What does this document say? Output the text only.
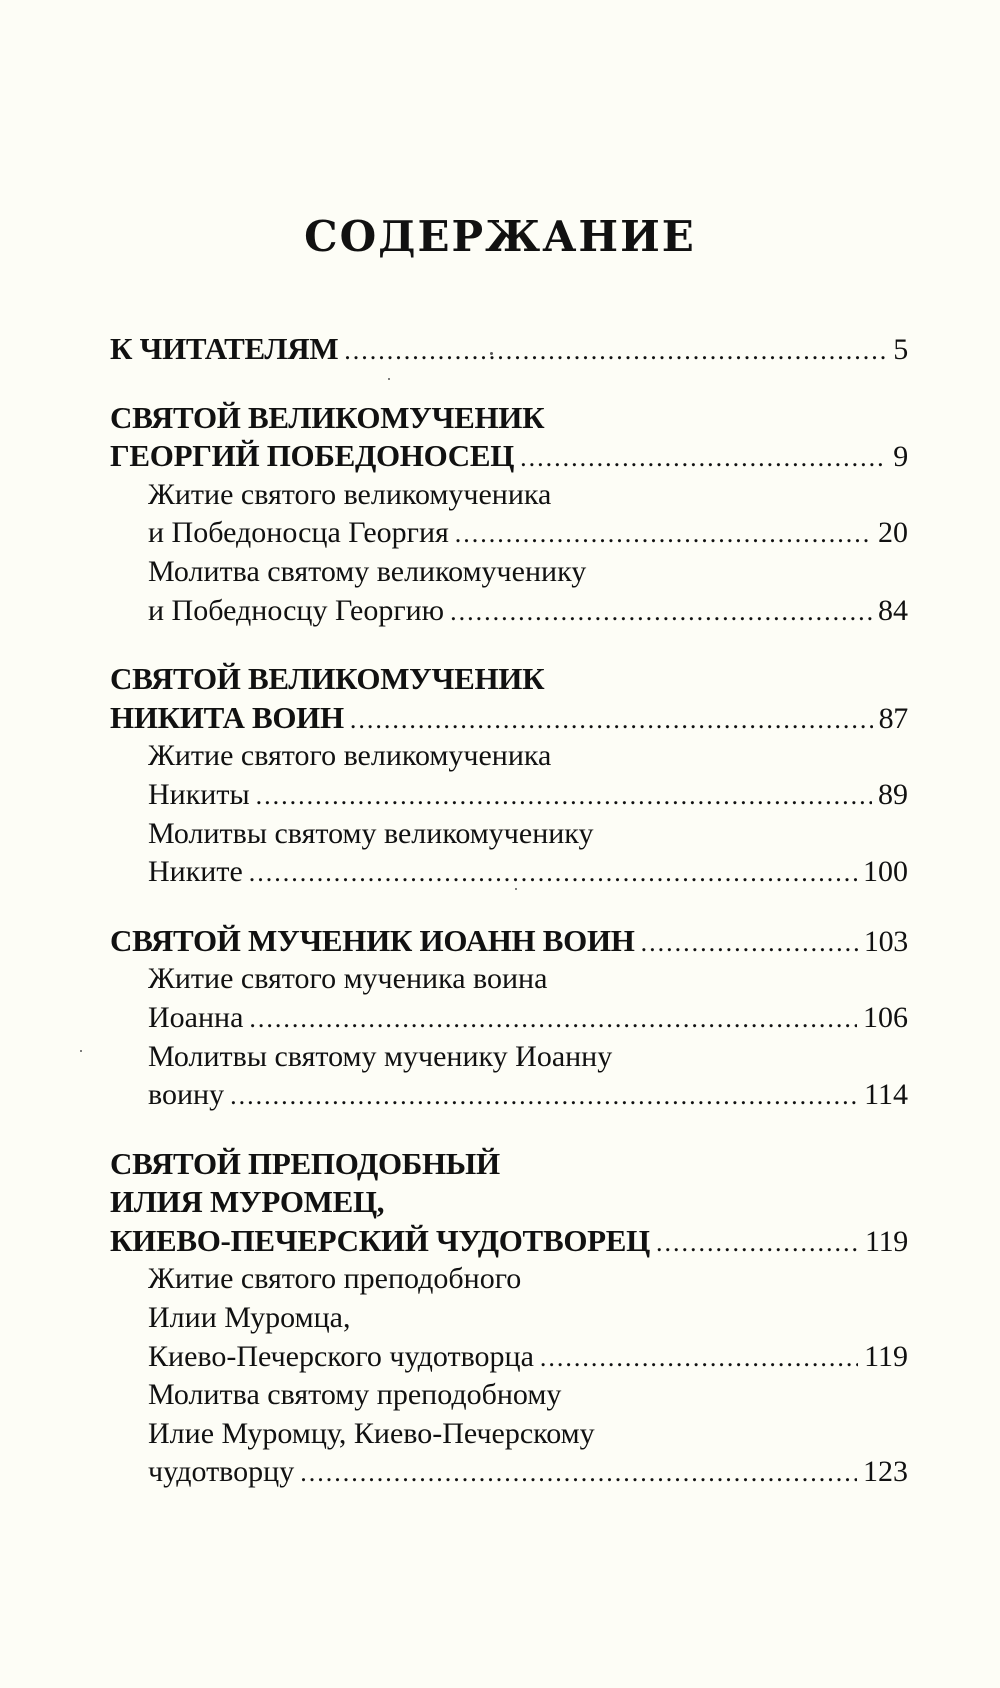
СОДЕРЖАНИЕ
К ЧИТАТЕЛЯМ .....	5
СВЯТОЙ ВЕЛИКОМУЧЕНИК
ГЕОРГИЙ ПОБЕДОНОСЕЦ .....	9
Житие святого великомученика
и Победоносца Георгия .....	20
Молитва святому великомученику
и Победносцу Георгию .....	84
СВЯТОЙ ВЕЛИКОМУЧЕНИК
НИКИТА ВОИН .....	87
Житие святого великомученика
Никиты .....	89
Молитвы святому великомученику
Никите .....	100
СВЯТОЙ МУЧЕНИК ИОАНН ВОИН .....	103
Житие святого мученика воина
Иоанна .....	106
Молитвы святому мученику Иоанну
воину .....	114
СВЯТОЙ ПРЕПОДОБНЫЙ
ИЛИЯ МУРОМЕЦ,
КИЕВО-ПЕЧЕРСКИЙ ЧУДОТВОРЕЦ .....	119
Житие святого преподобного
Илии Муромца,
Киево-Печерского чудотворца .....	119
Молитва святому преподобному
Илие Муромцу, Киево-Печерскому
чудотворцу .....	123
